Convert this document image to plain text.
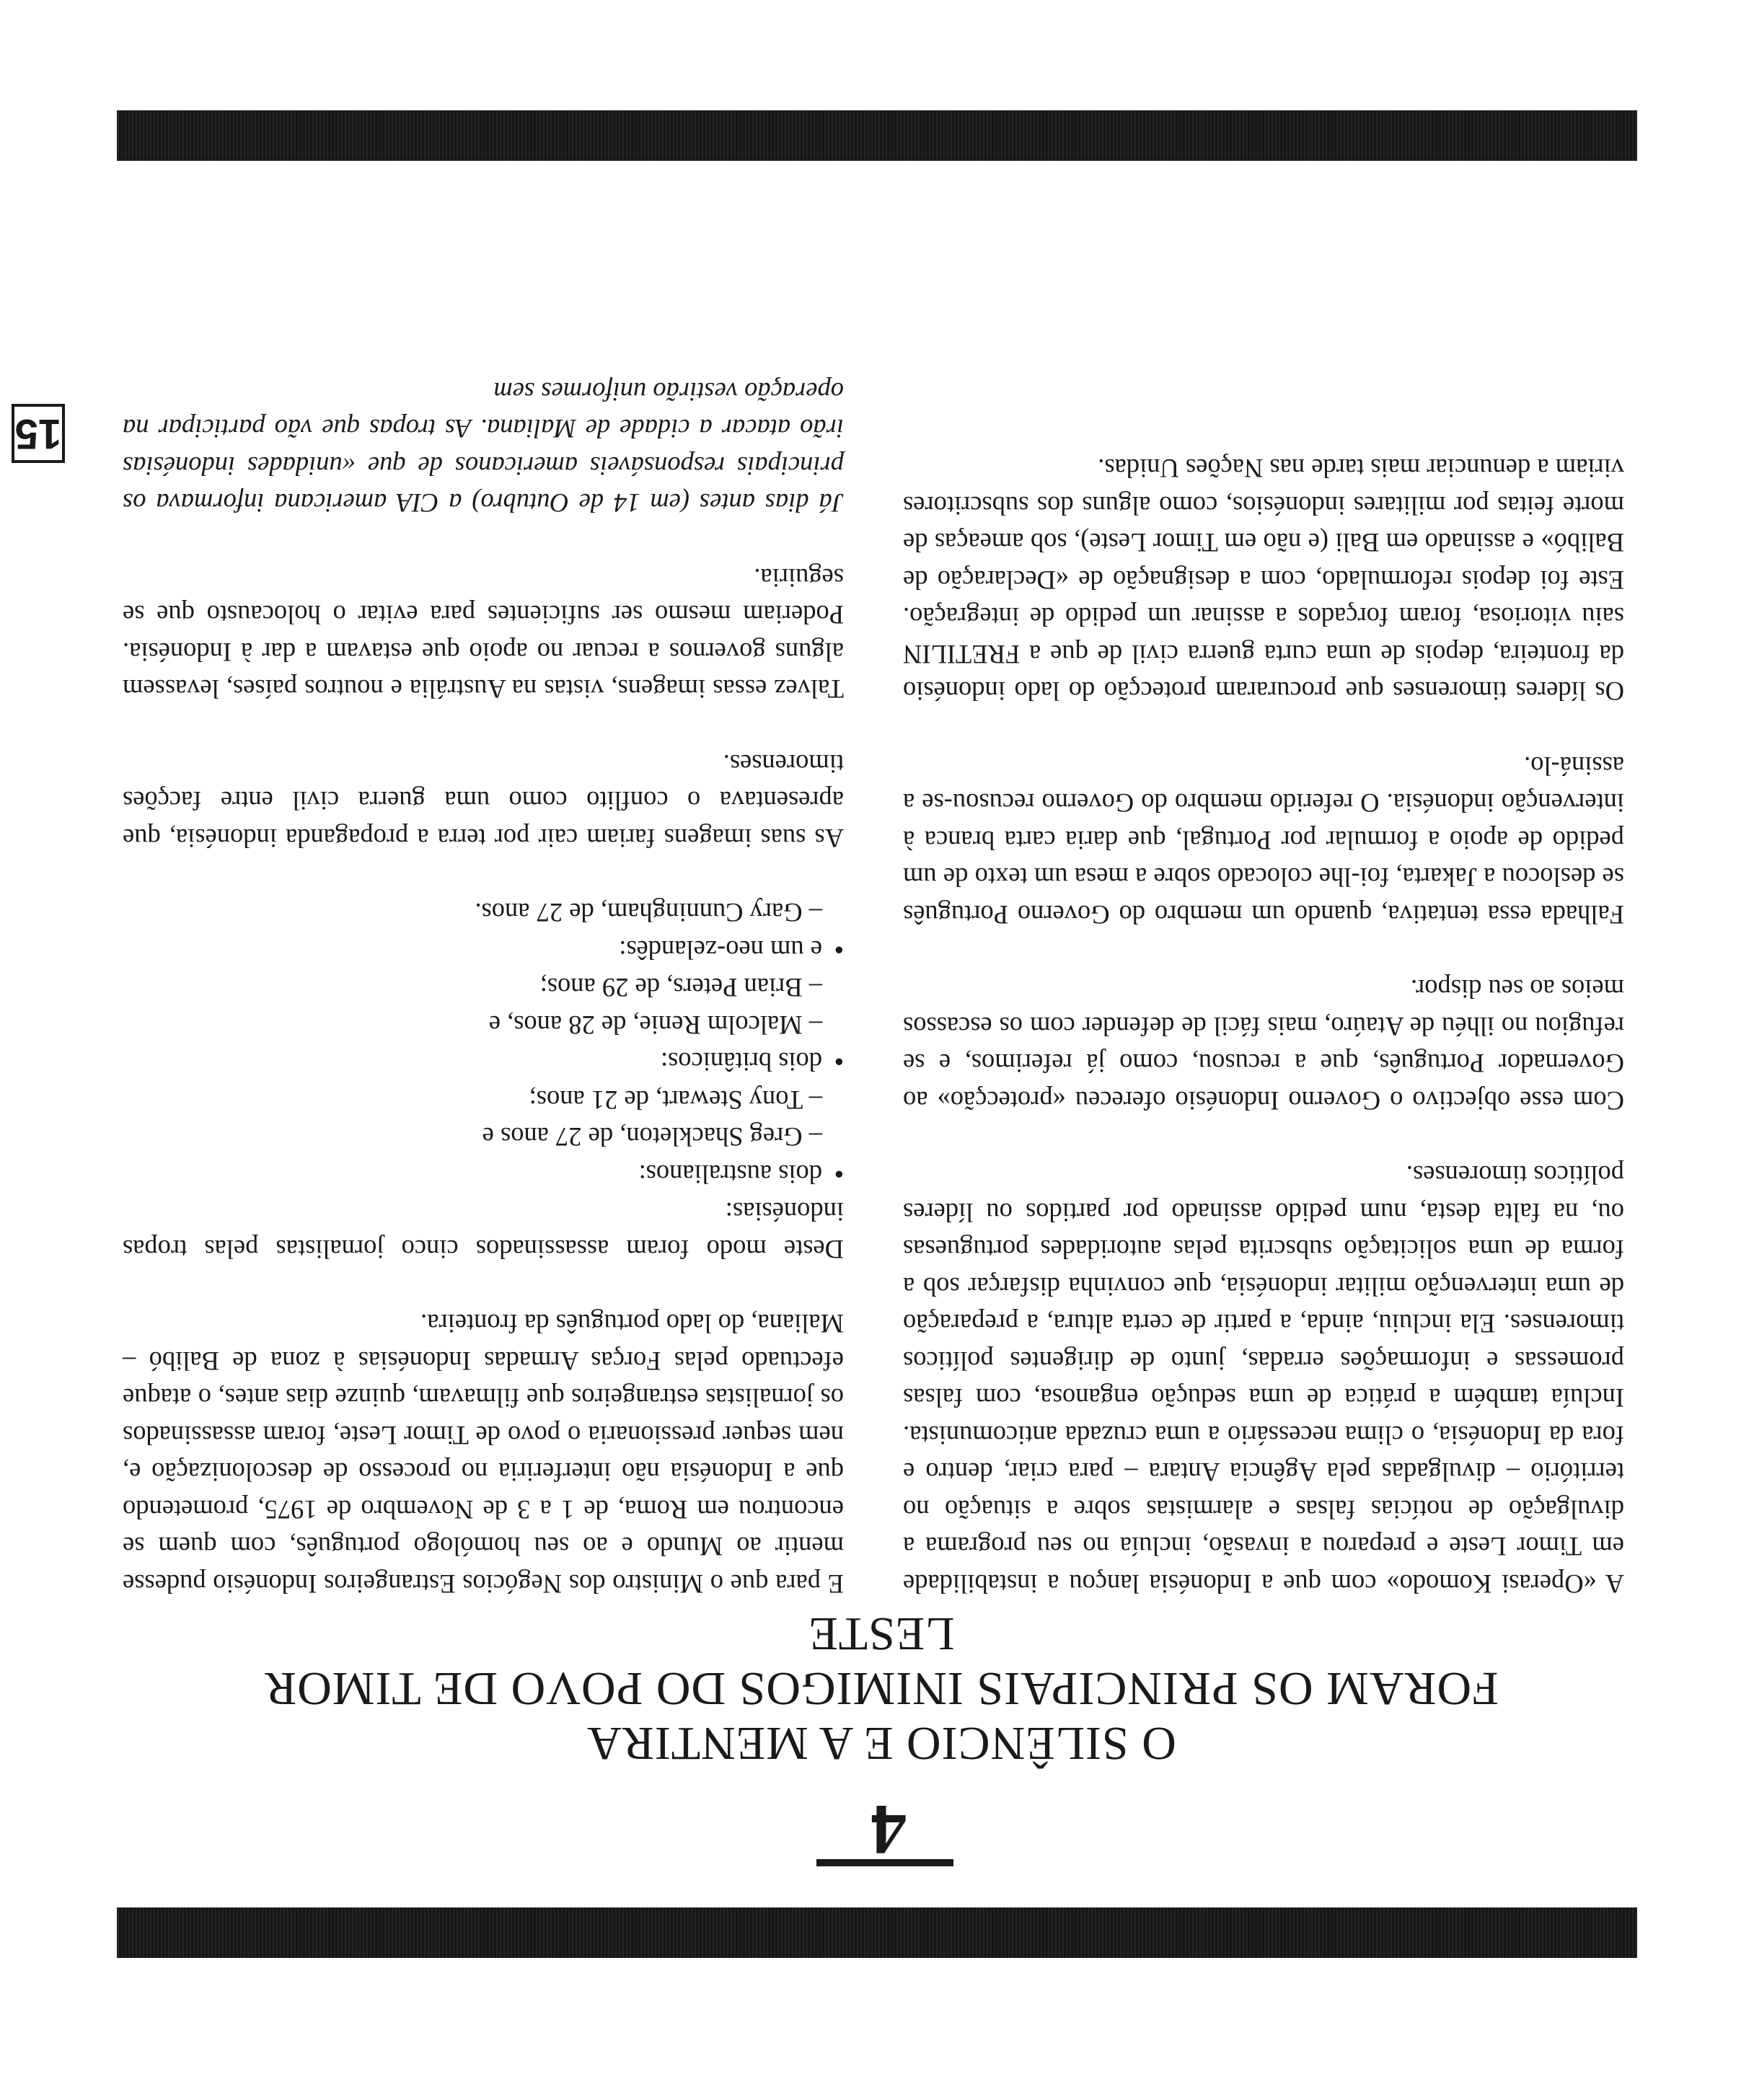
4
O SILÊNCIO E A MENTIRA
FORAM OS PRINCIPAIS INIMIGOS DO POVO DE TIMOR LESTE
15

A «Operasi Komodo» com que a Indonésia lançou a instabilidade em Timor Leste e preparou a invasão, incluía no seu programa a divulgação de notícias falsas e alarmistas sobre a situação no território – divulgadas pela Agência Antara – para criar, dentro e fora da Indonésia, o clima necessário a uma cruzada anticomunista. Incluía também a prática de uma sedução enganosa, com falsas promessas e informações erradas, junto de dirigentes políticos timorenses. Ela incluiu, ainda, a partir de certa altura, a preparação de uma intervenção militar indonésia, que convinha disfarçar sob a forma de uma solicitação subscrita pelas autoridades portuguesas ou, na falta desta, num pedido assinado por partidos ou líderes políticos timorenses.

Com esse objectivo o Governo Indonésio ofereceu «protecção» ao Governador Português, que a recusou, como já referimos, e se refugiou no ilhéu de Ataúro, mais fácil de defender com os escassos meios ao seu dispor.

Falhada essa tentativa, quando um membro do Governo Português se deslocou a Jakarta, foi-lhe colocado sobre a mesa um texto de um pedido de apoio a formular por Portugal, que daria carta branca à intervenção indonésia. O referido membro do Governo recusou-se a assiná-lo.

Os líderes timorenses que procuraram protecção do lado indonésio da fronteira, depois de uma curta guerra civil de que a FRETILIN saiu vitoriosa, foram forçados a assinar um pedido de integração. Este foi depois reformulado, com a designação de «Declaração de Balibó» e assinado em Bali (e não em Timor Leste), sob ameaças de morte feitas por militares indonésios, como alguns dos subscritores viriam a denunciar mais tarde nas Nações Unidas.

E para que o Ministro dos Negócios Estrangeiros Indonésio pudesse mentir ao Mundo e ao seu homólogo português, com quem se encontrou em Roma, de 1 a 3 de Novembro de 1975, prometendo que a Indonésia não interferiria no processo de descolonização e, nem sequer pressionaria o povo de Timor Leste, foram assassinados os jornalistas estrangeiros que filmavam, quinze dias antes, o ataque efectuado pelas Forças Armadas Indonésias à zona de Balibó – Maliana, do lado português da fronteira.

Deste modo foram assassinados cinco jornalistas pelas tropas indonésias:

● dois australianos:
– Greg Shackleton, de 27 anos e
– Tony Stewart, de 21 anos;
● dois britânicos:
– Malcolm Renie, de 28 anos, e
– Brian Peters, de 29 anos;
● e um neo-zelandês:
– Gary Cunningham, de 27 anos.

As suas imagens fariam cair por terra a propaganda indonésia, que apresentava o conflito como uma guerra civil entre facções timorenses.

Talvez essas imagens, vistas na Austrália e noutros países, levassem alguns governos a recuar no apoio que estavam a dar à Indonésia. Poderiam mesmo ser suficientes para evitar o holocausto que se seguiria.

Já dias antes (em 14 de Outubro) a CIA americana informava os principais responsáveis americanos de que «unidades indonésias irão atacar a cidade de Maliana. As tropas que vão participar na operação vestirão uniformes sem
